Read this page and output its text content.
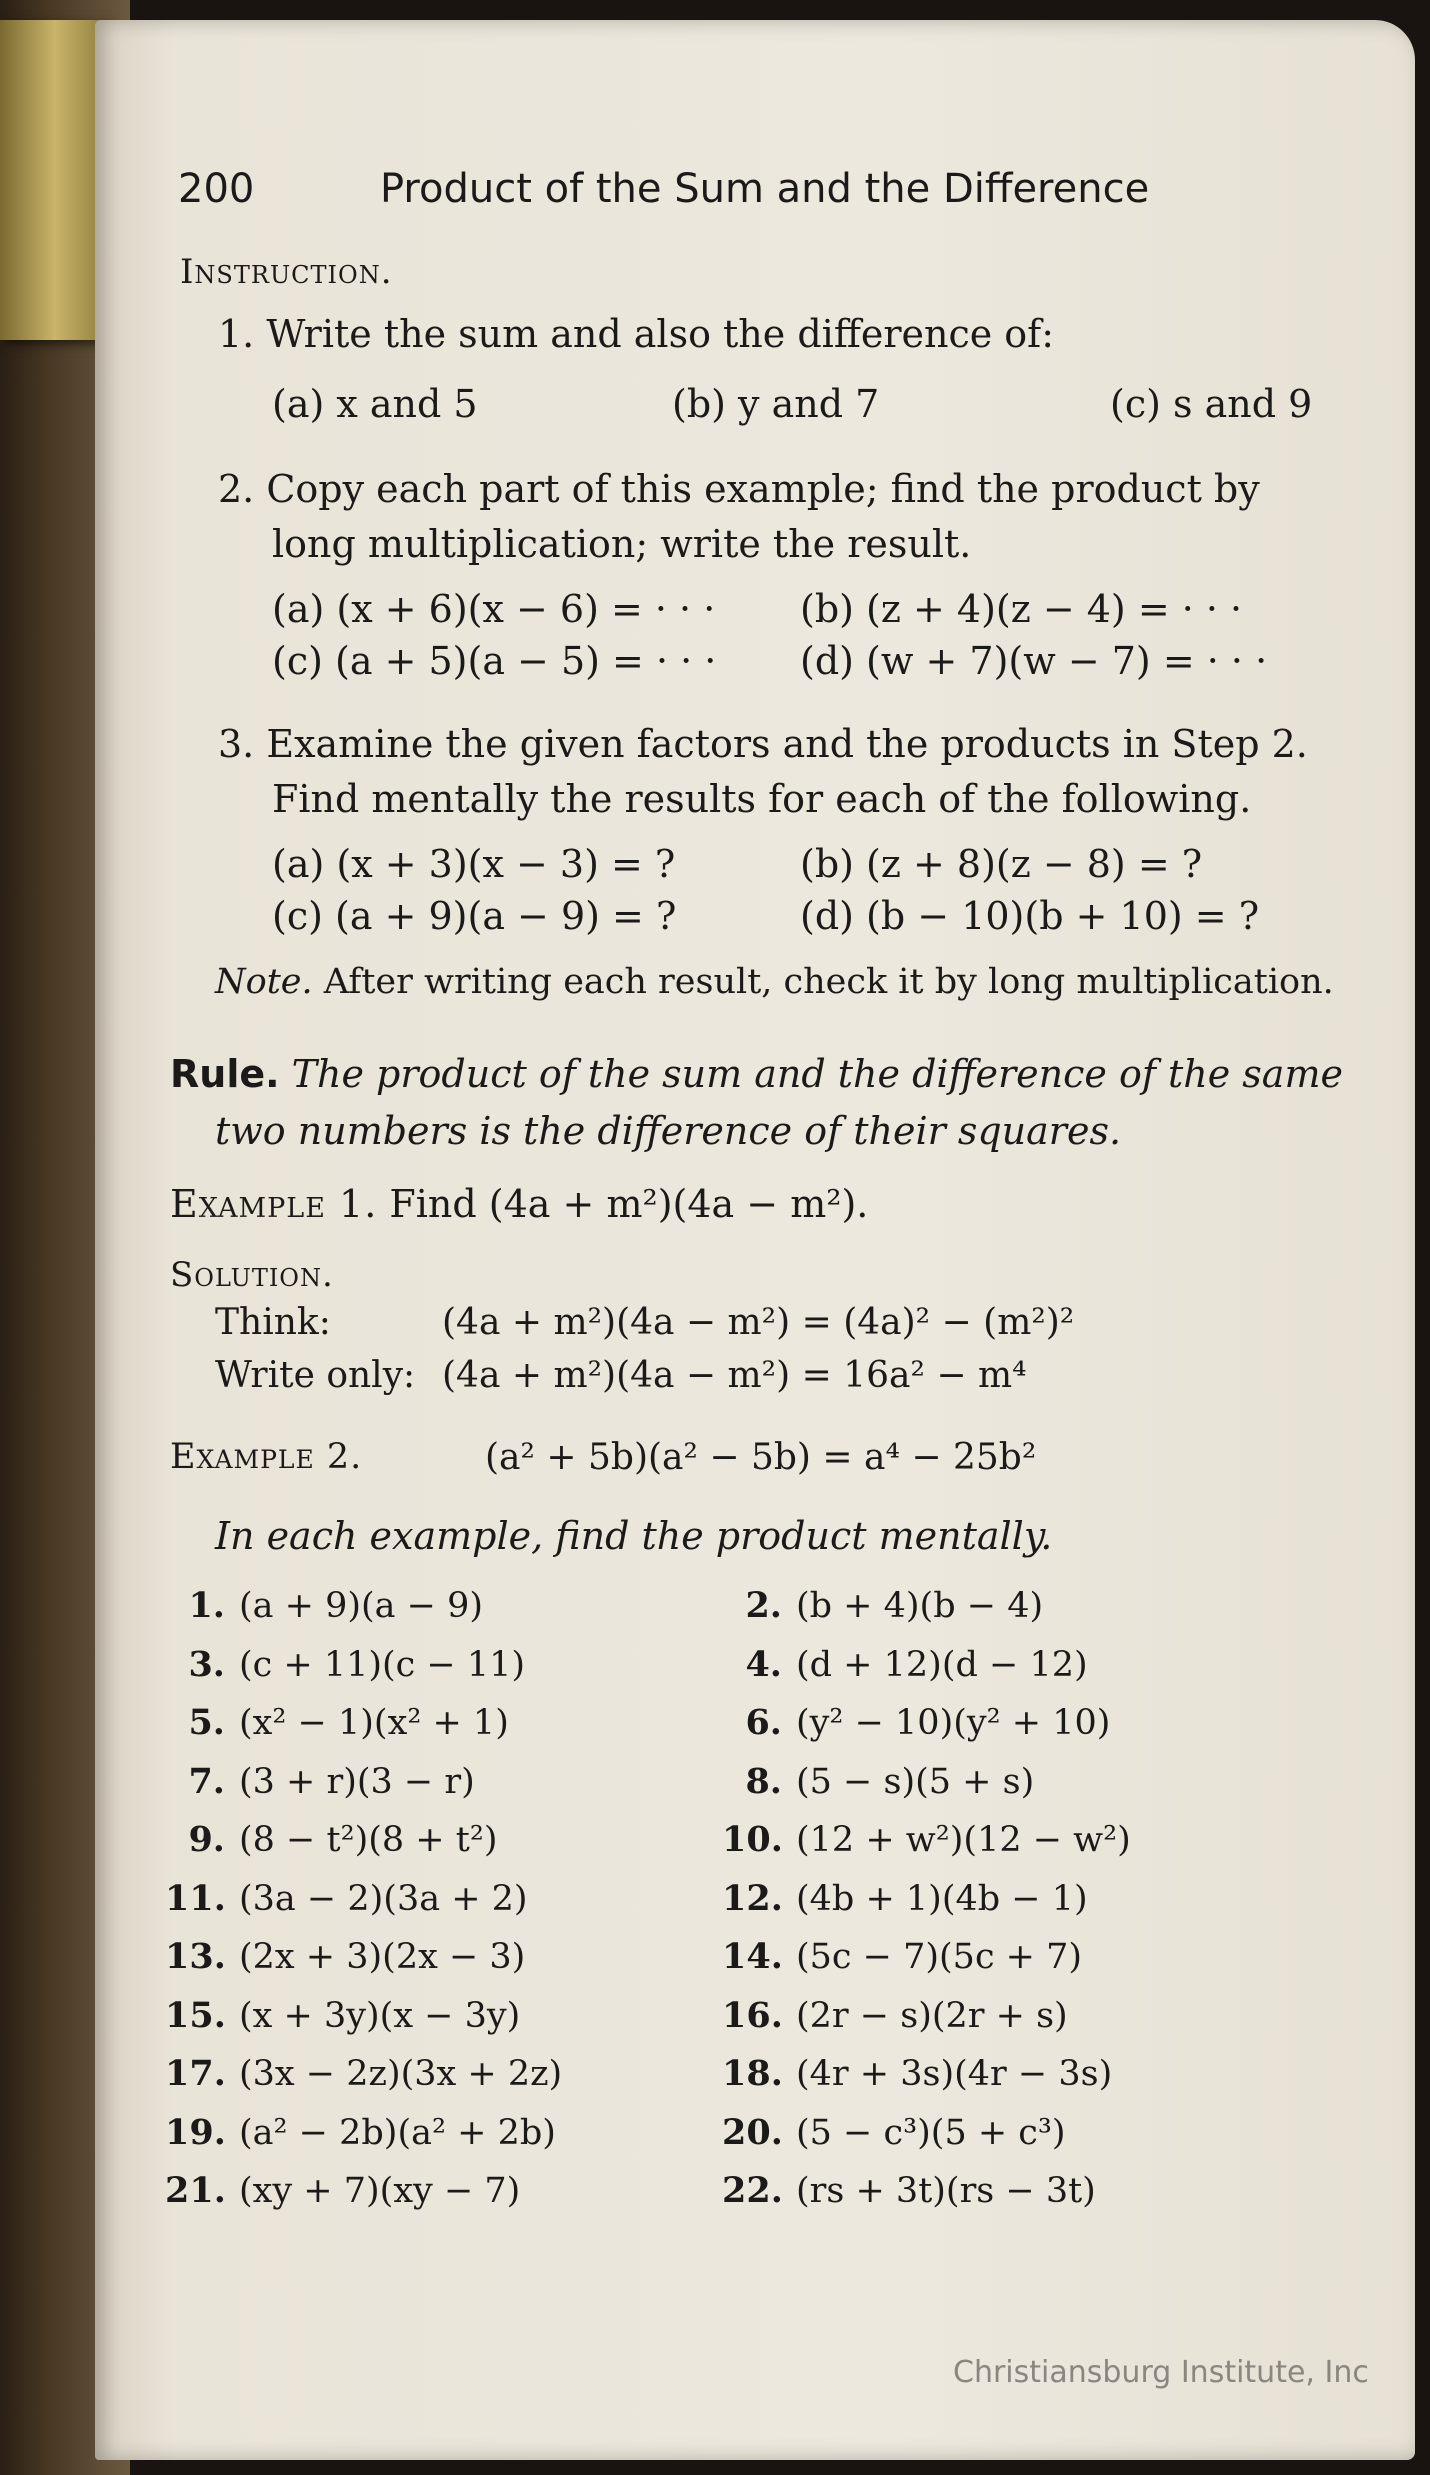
200	Product of the Sum and the Difference
Instruction.
1. Write the sum and also the difference of:
(a) x and 5	(b) y and 7	(c) s and 9
2. Copy each part of this example; find the product by
long multiplication; write the result.
(a) (x + 6)(x − 6) = · · · (b) (z + 4)(z − 4) = · · ·
(c) (a + 5)(a − 5) = · · · (d) (w + 7)(w − 7) = · · ·
3. Examine the given factors and the products in Step 2.
Find mentally the results for each of the following.
(a) (x + 3)(x − 3) = ?	(b) (z + 8)(z − 8) = ?
(c) (a + 9)(a − 9) = ?	(d) (b − 10)(b + 10) = ?
Note. After writing each result, check it by long multiplication.
Rule. The product of the sum and the difference of the same
two numbers is the difference of their squares.
Example 1. Find (4a + m²)(4a − m²).
Solution.
Think:	(4a + m²)(4a − m²) = (4a)² − (m²)²
Write only: (4a + m²)(4a − m²) = 16a² − m⁴
Example 2.	(a² + 5b)(a² − 5b) = a⁴ − 25b²
In each example, find the product mentally.
1. (a + 9)(a − 9)	2. (b + 4)(b − 4)
3. (c + 11)(c − 11)	4. (d + 12)(d − 12)
5. (x² − 1)(x² + 1)	6. (y² − 10)(y² + 10)
7. (3 + r)(3 − r)	8. (5 − s)(5 + s)
9. (8 − t²)(8 + t²)	10. (12 + w²)(12 − w²)
11. (3a − 2)(3a + 2)	12. (4b + 1)(4b − 1)
13. (2x + 3)(2x − 3)	14. (5c − 7)(5c + 7)
15. (x + 3y)(x − 3y)	16. (2r − s)(2r + s)
17. (3x − 2z)(3x + 2z)	18. (4r + 3s)(4r − 3s)
19. (a² − 2b)(a² + 2b)	20. (5 − c³)(5 + c³)
21. (xy + 7)(xy − 7)	22. (rs + 3t)(rs − 3t)
Christiansburg Institute, Inc
